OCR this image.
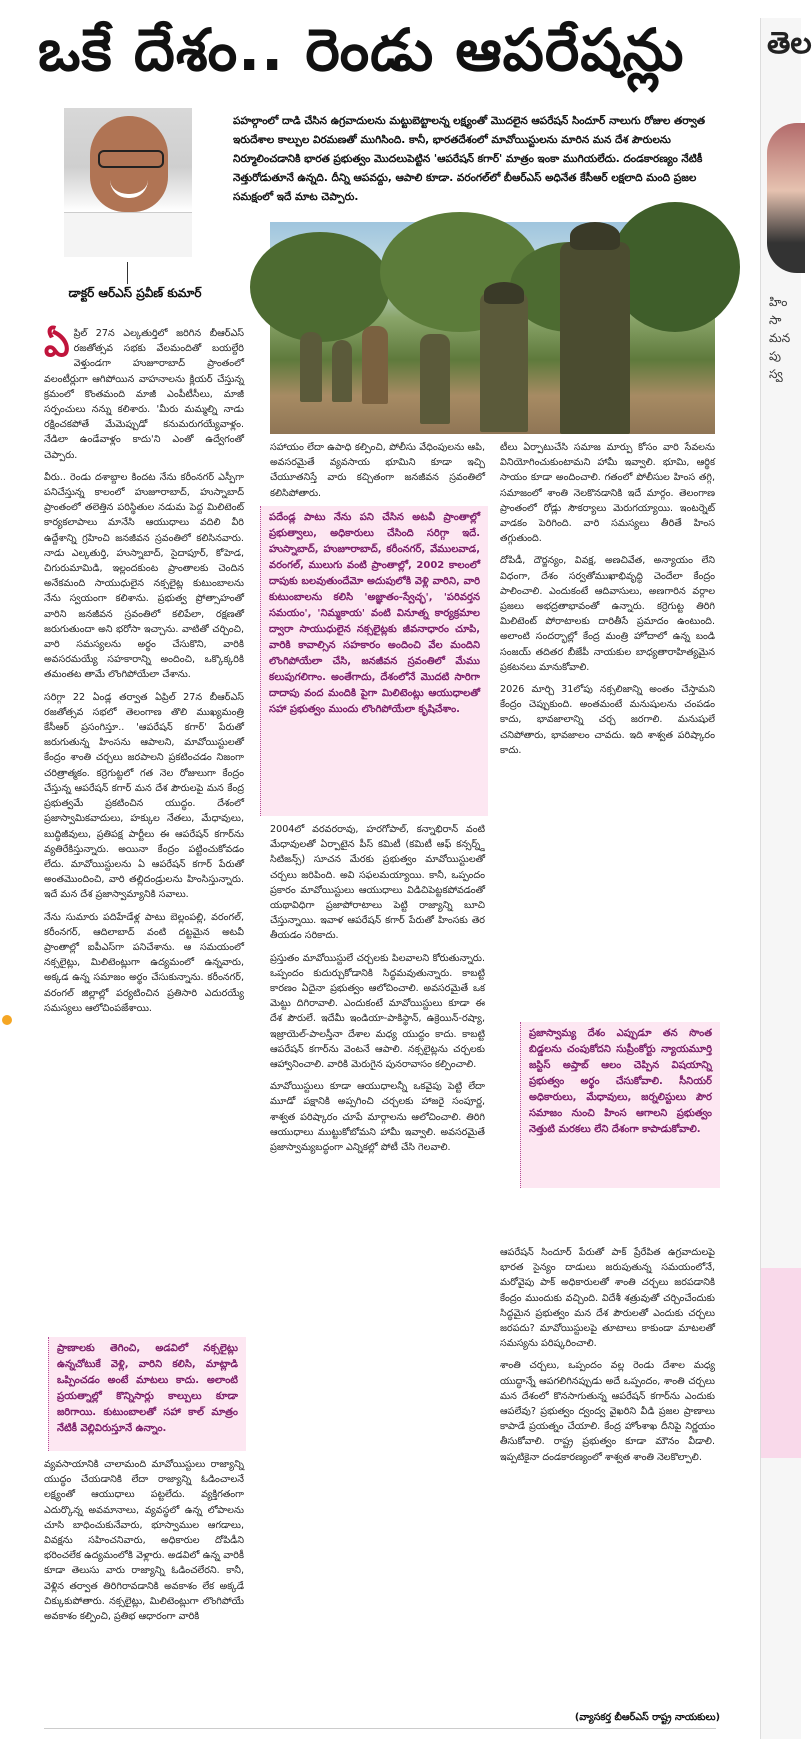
ఒకే దేశం.. రెండు ఆపరేషన్లు	తెల
హిం
సా
మన
పు
స్వ
డాక్టర్ ఆర్ఎస్ ప్రవీణ్ కుమార్
పహల్గాంలో దాడి చేసిన ఉగ్రవాదులను మట్టుబెట్టాలన్న లక్ష్యంతో మొదలైన ఆపరేషన్ సిందూర్ నాలుగు రోజుల తర్వాత ఇరుదేశాల కాల్పుల విరమణతో ముగిసింది. కానీ, భారతదేశంలో మావోయిస్టులను మారిన మన దేశ పౌరులను నిర్మూలించడానికి భారత ప్రభుత్వం మొదలుపెట్టిన 'ఆపరేషన్ కగార్' మాత్రం ఇంకా ముగియలేదు. దండకారణ్యం నేటికీ నెత్తురోడుతూనే ఉన్నది. దీన్ని ఆపవద్దు, ఆపాలి కూడా. వరంగల్‌లో బీఆర్ఎస్ అధినేత కేసీఆర్ లక్షలాది మంది ప్రజల సమక్షంలో ఇదే మాట చెప్పారు.

ఏప్రిల్ 27న ఎల్కతుర్తిలో జరిగిన బీఆర్ఎస్ రజతోత్సవ సభకు వేలమందితో బయల్దేరి వెళ్తుండగా హుజూరాబాద్ ప్రాంతంలో వలంటీర్లుగా ఆగిపోయిన వాహనాలను క్లియర్ చేస్తున్న క్రమంలో కొంతమంది మాజీ ఎంపీటీసీలు, మాజీ సర్పంచులు నన్ను కలిశారు. 'మీరు మమ్మల్ని నాడు రక్షించకపోతే మేమెప్పుడో కనుమరుగయ్యేవాళ్లం. నేడిలా ఉండేవాళ్లం కాదు'ని ఎంతో ఉద్వేగంతో చెప్పారు.

వీరు.. రెండు దశాబ్దాల కిందట నేను కరీంనగర్ ఎస్పీగా పనిచేస్తున్న కాలంలో హుజూరాబాద్, హుస్నాబాద్ ప్రాంతంలో తలెత్తిన పరిస్థితుల నడుమ పెద్ద మిలిటెంట్ కార్యకలాపాలు మానేసి ఆయుధాలు వదిలి వీరి ఉద్దేశాన్ని గ్రహించి జనజీవన స్రవంతిలో కలిసినవారు. నాడు ఎల్కతుర్తి, హుస్నాబాద్, సైదాపూర్, కోహెడ, చిగురుమామిడి, ఇల్లందకుంట ప్రాంతాలకు చెందిన అనేకమంది సాయుధులైన నక్సలైట్ల కుటుంబాలను నేను స్వయంగా కలిశాను. ప్రభుత్వ ప్రోత్సాహంతో వారిని జనజీవన స్రవంతిలో కలిపేలా, రక్షణతో జరుగుతుందా అని భరోసా ఇచ్చాను. వాటితో చర్చించి, వారి సమస్యలను అర్థం చేసుకొని, వారికి అవసరమయ్యే సహకారాన్ని అందించి, ఒక్కొక్కరికి తమంతట తామే లొంగిపోయేలా చేశాను.

సరిగ్గా 22 ఏండ్ల తర్వాత ఏప్రిల్ 27న బీఆర్ఎస్ రజతోత్సవ సభలో తెలంగాణ తొలి ముఖ్యమంత్రి కేసీఆర్ ప్రసంగిస్తూ.. 'ఆపరేషన్ కగార్' పేరుతో జరుగుతున్న హింసను ఆపాలని, మావోయిస్టులతో కేంద్రం శాంతి చర్చలు జరపాలని ప్రకటించడం నిజంగా చరిత్రాత్మకం. కర్రెగుట్టలో గత నెల రోజులుగా కేంద్రం చేస్తున్న ఆపరేషన్ కగార్ మన దేశ పౌరులపై మన కేంద్ర ప్రభుత్వమే ప్రకటించిన యుద్ధం. దేశంలో ప్రజాస్వామికవాదులు, హక్కుల నేతలు, మేధావులు, బుద్ధిజీవులు, ప్రతిపక్ష పార్టీలు ఈ ఆపరేషన్ కగార్‌ను వ్యతిరేకిస్తున్నారు. అయినా కేంద్రం పట్టించుకోవడం లేదు. మావోయిస్టులను ఏ ఆపరేషన్ కగార్ పేరుతో అంతమొందించి, వారి తల్లిదండ్రులను హింసిస్తున్నారు. ఇదే మన దేశ ప్రజాస్వామ్యానికి సవాలు.

నేను సుమారు పదిహేడేళ్ల పాటు బెల్లంపల్లి, వరంగల్, కరీంనగర్, ఆదిలాబాద్ వంటి దట్టమైన అటవీ ప్రాంతాల్లో ఐపీఎస్‌గా పనిచేశాను. ఆ సమయంలో నక్సలైట్లు, మిలిటెంట్లుగా ఉద్యమంలో ఉన్నవారు, అక్కడ ఉన్న సమాజం అర్థం చేసుకున్నాను. కరీంనగర్, వరంగల్ జిల్లాల్లో పర్యటించిన ప్రతిసారి ఎదురయ్యే సమస్యలు ఆలోచింపజేశాయి.

ప్రాణాలకు తెగించి, అడవిలో నక్సలైట్లు ఉన్నచోటుకే వెళ్లి, వారిని కలిసి, మాట్లాడి ఒప్పించడం అంటే మాటలు కాదు. అలాంటి ప్రయత్నాల్లో కొన్నిసార్లు కాల్పులు కూడా జరిగాయి. కుటుంబాలతో సహా కాల్ మాత్రం నేటికీ వెల్లివిరుస్తూనే ఉన్నాం.

వ్యవసాయానికి చాలామంది మావోయిస్టులు రాజ్యాన్ని యుద్ధం చేయడానికి లేదా రాజ్యాన్ని ఓడించాలనే లక్ష్యంతో ఆయుధాలు పట్టలేదు. వ్యక్తిగతంగా ఎదుర్కొన్న అవమానాలు, వ్యవస్థలో ఉన్న లోపాలను చూసి బాధించుకునేవారు, భూస్వాముల ఆగడాలు, వివక్షను సహించనివారు, అధికారుల దోపిడీని భరించలేక ఉద్యమంలోకి వెళ్లారు. అడవిలో ఉన్న వారికీ కూడా తెలుసు వారు రాజ్యాన్ని ఓడించలేరని. కానీ, వెళ్లిన తర్వాత తిరిగిరావడానికి అవకాశం లేక అక్కడే చిక్కుకుపోతారు. నక్సలైట్లు, మిలిటెంట్లుగా లొంగిపోయే అవకాశం కల్పించి, ప్రతిభ ఆధారంగా వారికి

సహాయం లేదా ఉపాధి కల్పించి, పోలీసు వేధింపులను ఆపి, అవసరమైతే వ్యవసాయ భూమిని కూడా ఇచ్చి చేయూతనిస్తే వారు కచ్చితంగా జనజీవన స్రవంతిలో కలిసిపోతారు.

పదేండ్ల పాటు నేను పని చేసిన అటవీ ప్రాంతాల్లో ప్రభుత్వాలు, అధికారులు చేసింది సరిగ్గా ఇదే. హుస్నాబాద్, హుజూరాబాద్, కరీంనగర్, వేములవాడ, వరంగల్, ములుగు వంటి ప్రాంతాల్లో, 2002 కాలంలో దాపుకు బలవుతుందేమో అదుపులోకి వెళ్లి వారిని, వారి కుటుంబాలను కలిసి 'అజ్ఞాతం-స్వేచ్ఛ', 'పరివర్తన సమయం', 'నిమ్మకాయ' వంటి వినూత్న కార్యక్రమాల ద్వారా సాయుధులైన నక్సలైట్లకు జీవనాధారం చూపి, వారికి కావాల్సిన సహకారం అందించి వేల మందిని లొంగిపోయేలా చేసి, జనజీవన స్రవంతిలో మేము కలుపుగలిగాం. అంతేగాదు, దేశంలోనే మొదటి సారిగా దాదాపు వంద మందికి పైగా మిలిటెంట్లు ఆయుధాలతో సహా ప్రభుత్వం ముందు లొంగిపోయేలా కృషిచేశాం.

2004లో వరవరరావు, హరగోపాల్, కన్నాభిరాన్ వంటి మేధావులతో ఏర్పాటైన పీస్ కమిటీ (కమిటీ ఆఫ్ కన్సర్న్డ్ సిటిజన్స్) సూచన మేరకు ప్రభుత్వం మావోయిస్టులతో చర్చలు జరిపింది. అవి సఫలమయ్యాయి. కానీ, ఒప్పందం ప్రకారం మావోయిస్టులు ఆయుధాలు విడిచిపెట్టకపోవడంతో యథావిధిగా ప్రజాపోరాటాలు పెట్టి రాజ్యాన్ని బూచి చేస్తున్నాయి. ఇవాళ ఆపరేషన్ కగార్ పేరుతో హింసకు తెర తీయడం సరికాదు.

ప్రస్తుతం మావోయిస్టులే చర్చలకు పిలవాలని కోరుతున్నారు. ఒప్పందం కుదుర్చుకోడానికి సిద్ధమవుతున్నారు. కాబట్టి కారణం ఏదైనా ప్రభుత్వం ఆలోచించాలి. అవసరమైతే ఒక మెట్టు దిగిరావాలి. ఎందుకంటే మావోయిస్టులు కూడా ఈ దేశ పౌరులే. ఇదేమీ ఇండియా-పాకిస్థాన్, ఉక్రెయిన్-రష్యా, ఇజ్రాయెల్-పాలస్తీనా దేశాల మధ్య యుద్ధం కాదు. కాబట్టి ఆపరేషన్ కగార్‌ను వెంటనే ఆపాలి. నక్సలైట్లను చర్చలకు ఆహ్వానించాలి. వారికి మెరుగైన పునరావాసం కల్పించాలి.

మావోయిస్టులు కూడా ఆయుధాలన్నీ ఒకవైపు పెట్టి లేదా మూడో పక్షానికి అప్పగించి చర్చలకు హాజరై సంపూర్ణ, శాశ్వత పరిష్కారం చూపే మార్గాలను ఆలోచించాలి. తిరిగి ఆయుధాలు ముట్టుకోబోమని హామీ ఇవ్వాలి. అవసరమైతే ప్రజాస్వామ్యబద్ధంగా ఎన్నికల్లో పోటీ చేసి గెలవాలి.

టీలు ఏర్పాటుచేసి సమాజ మార్పు కోసం వారి సేవలను వినియోగించుకుంటామని హామీ ఇవ్వాలి. భూమి, ఆర్థిక సాయం కూడా అందించాలి. గతంలో పోలీసుల హింస తగ్గి, సమాజంలో శాంతి నెలకొనడానికి ఇదే మార్గం. తెలంగాణ ప్రాంతంలో రోడ్లు సౌకర్యాలు మెరుగయ్యాయి. ఇంటర్నెట్ వాడకం పెరిగింది. వారి సమస్యలు తీరితే హింస తగ్గుతుంది.

దోపిడీ, దౌర్జన్యం, వివక్ష, అణచివేత, అన్యాయం లేని విధంగా, దేశం సర్వతోముఖాభివృద్ధి చెందేలా కేంద్రం పాలించాలి. ఎందుకంటే ఆదివాసులు, అణగారిన వర్గాల ప్రజలు అభద్రతాభావంతో ఉన్నారు. కర్రెగుట్ట తిరిగి మిలిటెంట్ పోరాటాలకు దారితీసే ప్రమాదం ఉంటుంది. అలాంటి సందర్భాల్లో కేంద్ర మంత్రి హోదాలో ఉన్న బండి సంజయ్ తదితర బీజేపీ నాయకుల బాధ్యతారాహిత్యమైన ప్రకటనలు మానుకోవాలి.

2026 మార్చి 31లోపు నక్సలిజాన్ని అంతం చేస్తామని కేంద్రం చెప్పుకుంది. అంతమంటే మనుషులను చంపడం కాదు, భావజాలాన్ని చర్చ జరగాలి. మనుషులే చనిపోతారు, భావజాలం చావదు. ఇది శాశ్వత పరిష్కారం కాదు.

ప్రజాస్వామ్య దేశం ఎప్పుడూ తన సొంత బిడ్డలను చంపుకోదని సుప్రీంకోర్టు న్యాయమూర్తి జస్టిస్ అప్తాబ్ ఆలం చెప్పిన విషయాన్ని ప్రభుత్వం అర్థం చేసుకోవాలి. సీనియర్ అధికారులు, మేధావులు, జర్నలిస్టులు పౌర సమాజం నుంచి హింస ఆగాలని ప్రభుత్వం నెత్తుటి మరకలు లేని దేశంగా కాపాడుకోవాలి.

ఆపరేషన్ సిందూర్ పేరుతో పాక్ ప్రేరేపిత ఉగ్రవాదులపై భారత సైన్యం దాడులు జరుపుతున్న సమయంలోనే, మరోవైపు పాక్ అధికారులతో శాంతి చర్చలు జరపడానికి కేంద్రం ముందుకు వచ్చింది. విదేశీ శత్రువుతో చర్చించేందుకు సిద్ధమైన ప్రభుత్వం మన దేశ పౌరులతో ఎందుకు చర్చలు జరపదు? మావోయిస్టులపై తూటాలు కాకుండా మాటలతో సమస్యను పరిష్కరించాలి.

శాంతి చర్చలు, ఒప్పందం వల్ల రెండు దేశాల మధ్య యుద్ధాన్నే ఆపగలిగినప్పుడు అదే ఒప్పందం, శాంతి చర్చలు మన దేశంలో కొనసాగుతున్న ఆపరేషన్ కగార్‌ను ఎందుకు ఆపలేవు? ప్రభుత్వం ద్వంద్వ వైఖరిని వీడి ప్రజల ప్రాణాలు కాపాడే ప్రయత్నం చేయాలి. కేంద్ర హోంశాఖ దీనిపై నిర్ణయం తీసుకోవాలి. రాష్ట్ర ప్రభుత్వం కూడా మౌనం వీడాలి. ఇప్పటికైనా దండకారణ్యంలో శాశ్వత శాంతి నెలకొల్పాలి.

(వ్యాసకర్త బీఆర్ఎస్ రాష్ట్ర నాయకులు)
